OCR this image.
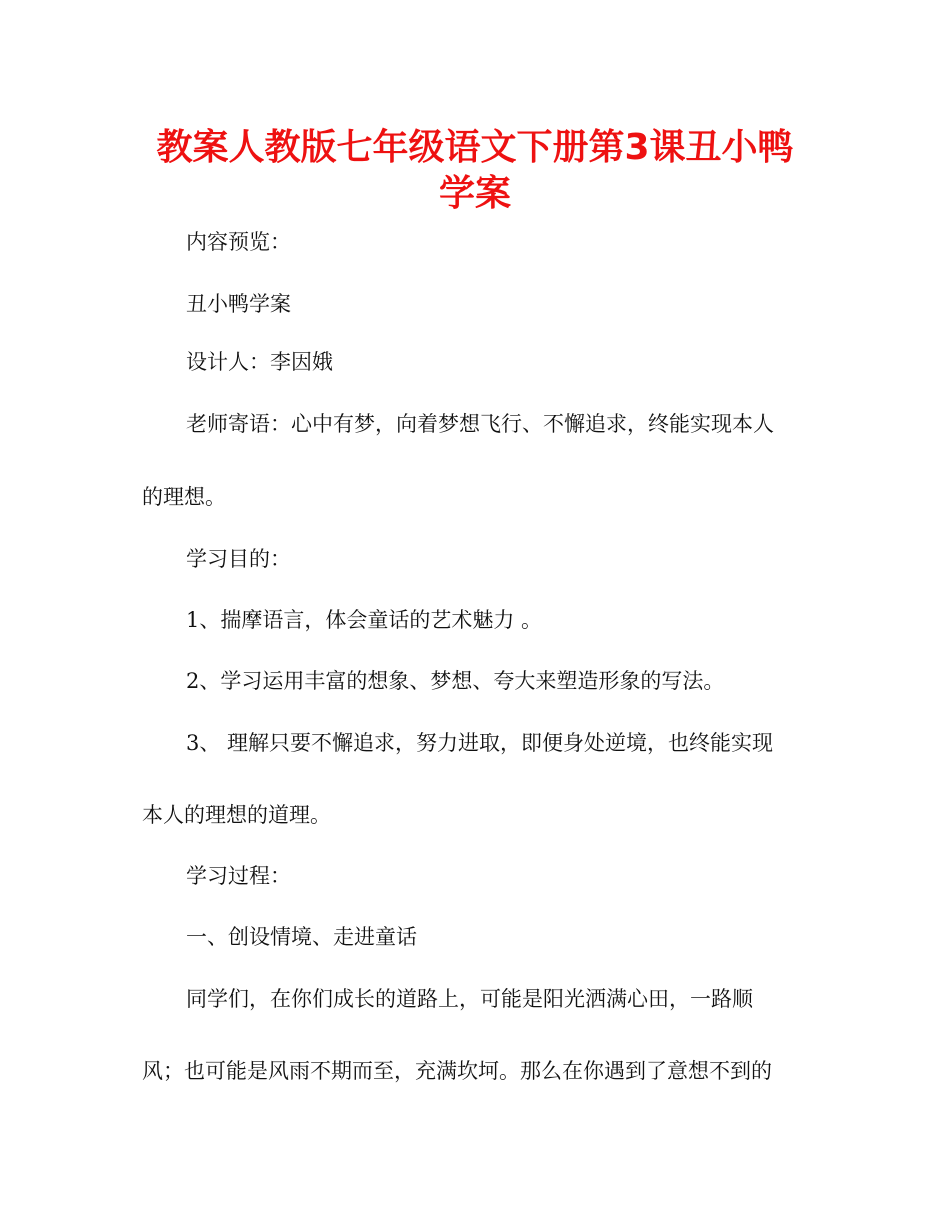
教案人教版七年级语文下册第3课丑小鸭
学案
内容预览：
丑小鸭学案
设计人：李因娥
老师寄语：心中有梦，向着梦想飞行、不懈追求，终能实现本人
的理想。
学习目的：
1、揣摩语言，体会童话的艺术魅力 。
2、学习运用丰富的想象、梦想、夸大来塑造形象的写法。
3、 理解只要不懈追求，努力进取，即便身处逆境，也终能实现
本人的理想的道理。
学习过程：
一、创设情境、走进童话
同学们，在你们成长的道路上，可能是阳光洒满心田，一路顺
风；也可能是风雨不期而至，充满坎坷。那么在你遇到了意想不到的
